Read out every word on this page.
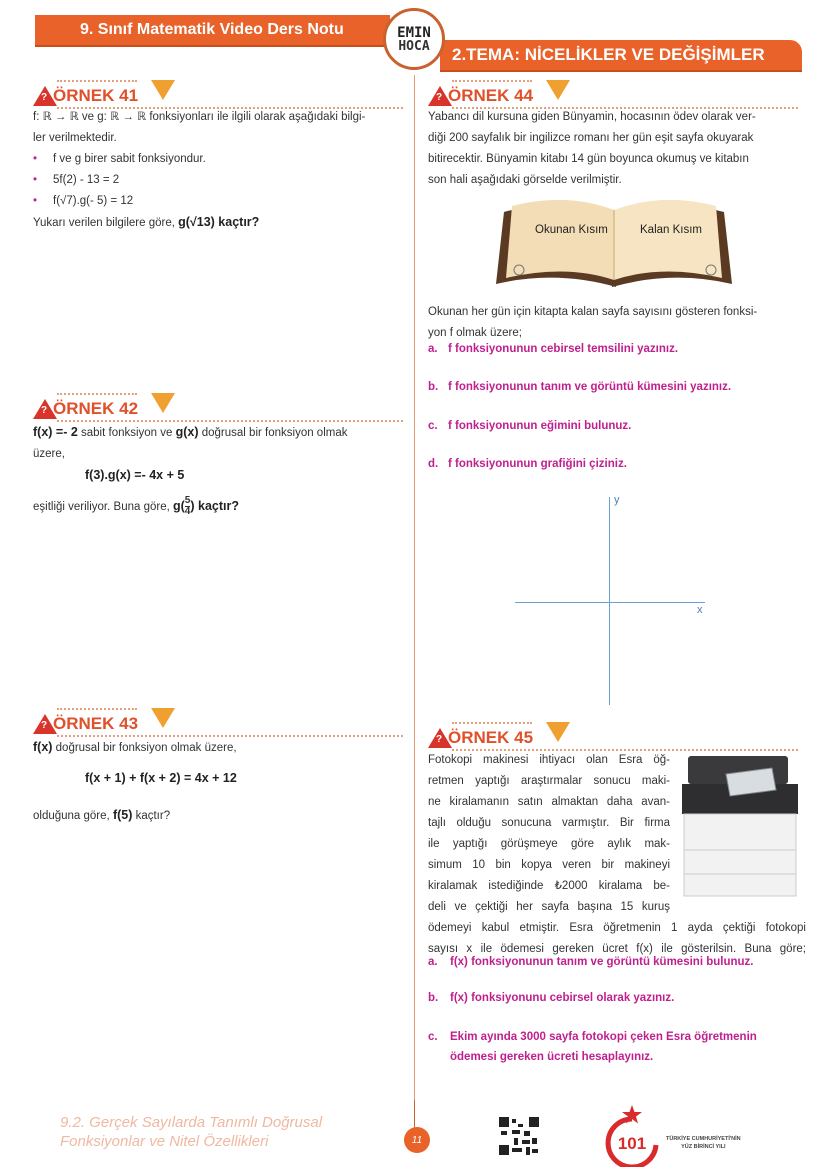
9. Sınıf Matematik Video Ders Notu
2.TEMA: NİCELİKLER VE DEĞİŞİMLER
EMIN
HOCA
? ÖRNEK 41
f: ℝ → ℝ ve g: ℝ → ℝ fonksiyonları ile ilgili olarak aşağıdaki bilgi-
ler verilmektedir.
• f ve g birer sabit fonksiyondur.
• 5f(2) - 13 = 2
• f(√7).g(- 5) = 12
Yukarı verilen bilgilere göre, g(√13) kaçtır?
? ÖRNEK 42
f(x) =- 2 sabit fonksiyon ve g(x) doğrusal bir fonksiyon olmak
üzere,
f(3).g(x) =- 4x + 5
eşitliği veriliyor. Buna göre, $g( \frac{5}{4}$ ) kaçtır?
? ÖRNEK 43
f(x) doğrusal bir fonksiyon olmak üzere,
f(x + 1) + f(x + 2) = 4x + 12
olduğuna göre, f(5) kaçtır?
? ÖRNEK 44
Yabancı dil kursuna giden Bünyamin, hocasının ödev olarak ver-
diği 200 sayfalık bir ingilizce romanı her gün eşit sayfa okuyarak
bitirecektir. Bünyamin kitabı 14 gün boyunca okumuş ve kitabın
son hali aşağıdaki görselde verilmiştir.
Okunan Kısım	Kalan Kısım
Okunan her gün için kitapta kalan sayfa sayısını gösteren fonksi-
yon f olmak üzere;
a. f fonksiyonunun cebirsel temsilini yazınız.
b. f fonksiyonunun tanım ve görüntü kümesini yazınız.
c. f fonksiyonunun eğimini bulunuz.
d. f fonksiyonunun grafiğini çiziniz.
y
x
? ÖRNEK 45
Fotokopi makinesi ihtiyacı olan Esra öğ-
retmen yaptığı araştırmalar sonucu maki-
ne kiralamanın satın almaktan daha avan-
tajlı olduğu sonucuna varmıştır. Bir firma
ile yaptığı görüşmeye göre aylık mak-
simum 10 bin kopya veren bir makineyi
kiralamak istediğinde ₺2000 kiralama be-
deli ve çektiği her sayfa başına 15 kuruş
ödemeyi kabul etmiştir. Esra öğretmenin 1 ayda çektiği fotokopi
sayısı x ile ödemesi gereken ücret f(x) ile gösterilsin. Buna göre;
a. f(x) fonksiyonunun tanım ve görüntü kümesini bulunuz.
b. f(x) fonksiyonunu cebirsel olarak yazınız.
c. Ekim ayında 3000 sayfa fotokopi çeken Esra öğretmenin
ödemesi gereken ücreti hesaplayınız.
9.2. Gerçek Sayılarda Tanımlı Doğrusal
Fonksiyonlar ve Nitel Özellikleri	11	101	TÜRKİYE CUMHURİYETİ'NİN
YÜZ BİRİNCİ YILI
